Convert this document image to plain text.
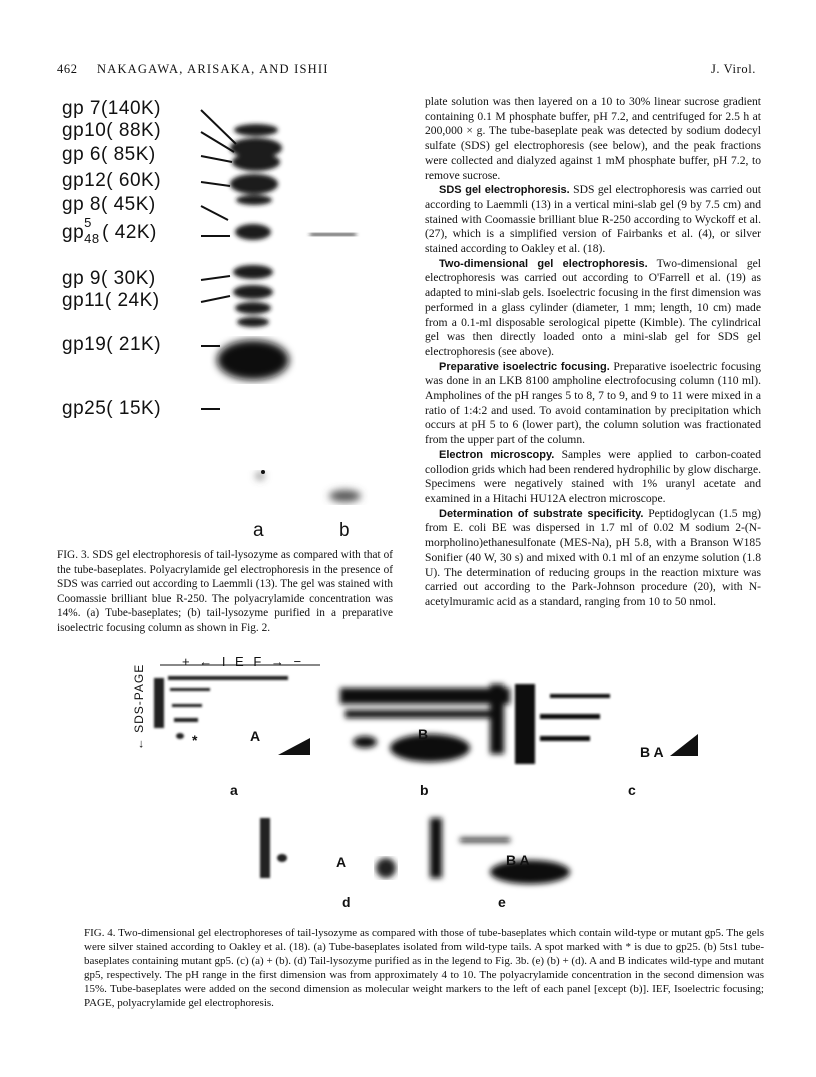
462 NAKAGAWA, ARISAKA, AND ISHII	J. Virol.
gp 7(140K)
gp10( 88K)
gp 6( 85K)
gp12( 60K)
gp 8( 45K)
gp 5
48 ( 42K)
gp 9( 30K)
gp11( 24K)
gp19( 21K)
gp25( 15K)
a	b
FIG. 3. SDS gel electrophoresis of tail-lysozyme as compared with that of the tube-baseplates. Polyacrylamide gel electrophoresis in the presence of SDS was carried out according to Laemmli (13). The gel was stained with Coomassie brilliant blue R-250. The polyacrylamide concentration was 14%. (a) Tube-baseplates; (b) tail-lysozyme purified in a preparative isoelectric focusing column as shown in Fig. 2.

plate solution was then layered on a 10 to 30% linear sucrose gradient containing 0.1 M phosphate buffer, pH 7.2, and centrifuged for 2.5 h at 200,000 × g. The tube-baseplate peak was detected by sodium dodecyl sulfate (SDS) gel electrophoresis (see below), and the peak fractions were collected and dialyzed against 1 mM phosphate buffer, pH 7.2, to remove sucrose.

SDS gel electrophoresis. SDS gel electrophoresis was carried out according to Laemmli (13) in a vertical mini-slab gel (9 by 7.5 cm) and stained with Coomassie brilliant blue R-250 according to Wyckoff et al. (27), which is a simplified version of Fairbanks et al. (4), or silver stained according to Oakley et al. (18).

Two-dimensional gel electrophoresis. Two-dimensional gel electrophoresis was carried out according to O'Farrell et al. (19) as adapted to mini-slab gels. Isoelectric focusing in the first dimension was performed in a glass cylinder (diameter, 1 mm; length, 10 cm) made from a 0.1-ml disposable serological pipette (Kimble). The cylindrical gel was then directly loaded onto a mini-slab gel for SDS gel electrophoresis (see above).

Preparative isoelectric focusing. Preparative isoelectric focusing was done in an LKB 8100 ampholine electrofocusing column (110 ml). Ampholines of the pH ranges 5 to 8, 7 to 9, and 9 to 11 were mixed in a ratio of 1:4:2 and used. To avoid contamination by precipitation which occurs at pH 5 to 6 (lower part), the column solution was fractionated from the upper part of the column.

Electron microscopy. Samples were applied to carbon-coated collodion grids which had been rendered hydrophilic by glow discharge. Specimens were negatively stained with 1% uranyl acetate and examined in a Hitachi HU12A electron microscope.

Determination of substrate specificity. Peptidoglycan (1.5 mg) from E. coli BE was dispersed in 1.7 ml of 0.02 M sodium 2-(N-morpholino)ethanesulfonate (MES-Na), pH 5.8, with a Branson W185 Sonifier (40 W, 30 s) and mixed with 0.1 ml of an enzyme solution (1.8 U). The determination of reducing groups in the reaction mixture was carried out according to the Park-Johnson procedure (20), with N-acetylmuramic acid as a standard, ranging from 10 to 50 nmol.

+ ← I E F → −
← SDS-PAGE	A	B
B A
A	B A
*
a	b	c
d	e
FIG. 4. Two-dimensional gel electrophoreses of tail-lysozyme as compared with those of tube-baseplates which contain wild-type or mutant gp5. The gels were silver stained according to Oakley et al. (18). (a) Tube-baseplates isolated from wild-type tails. A spot marked with * is due to gp25. (b) 5ts1 tube-baseplates containing mutant gp5. (c) (a) + (b). (d) Tail-lysozyme purified as in the legend to Fig. 3b. (e) (b) + (d). A and B indicates wild-type and mutant gp5, respectively. The pH range in the first dimension was from approximately 4 to 10. The polyacrylamide concentration in the second dimension was 15%. Tube-baseplates were added on the second dimension as molecular weight markers to the left of each panel [except (b)]. IEF, Isoelectric focusing; PAGE, polyacrylamide gel electrophoresis.
